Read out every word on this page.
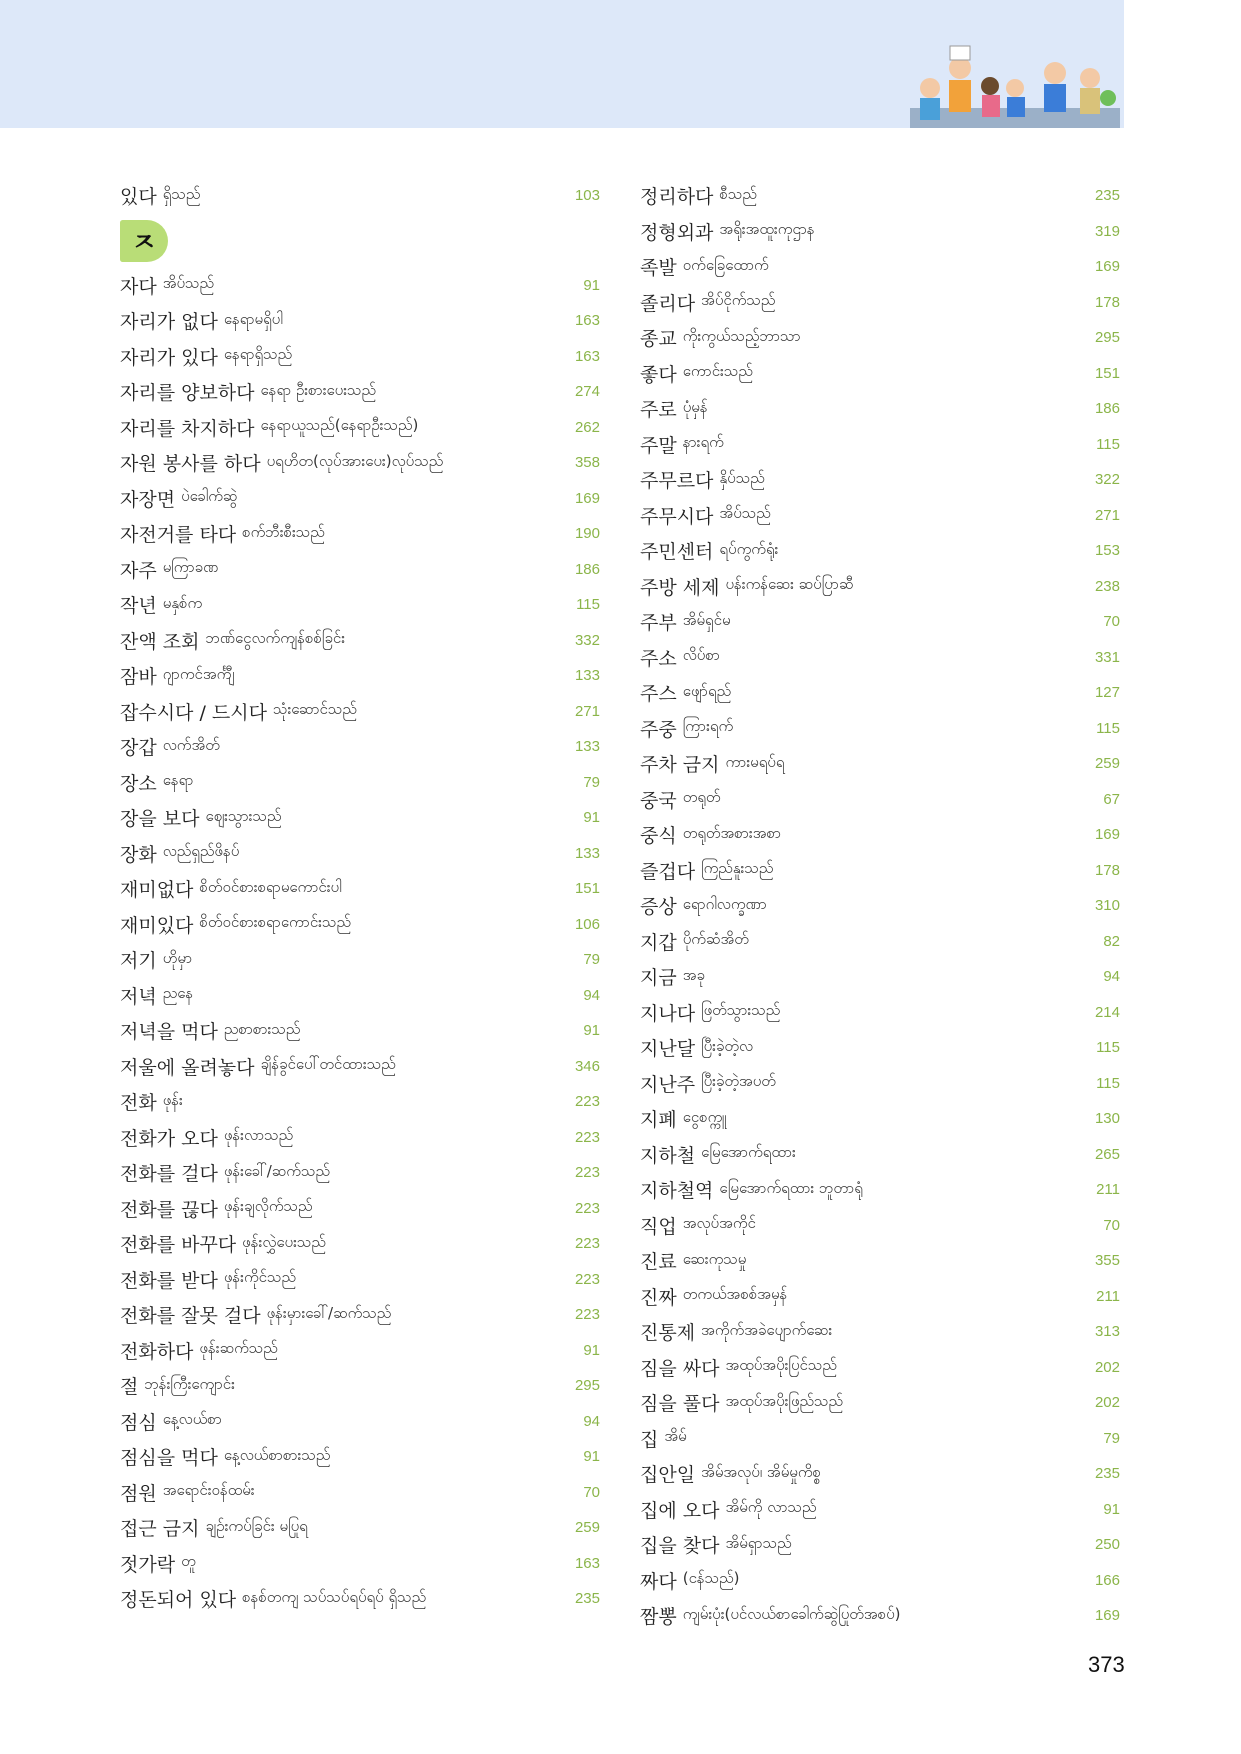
있다 ရှိသည်	103
ㅈ
자다 အိပ်သည်	91
자리가 없다 နေရာမရှိပါ	163
자리가 있다 နေရာရှိသည်	163
자리를 양보하다 နေရာ ဦးစားပေးသည်	274
자리를 차지하다 နေရာယူသည်(နေရာဦးသည်)	262
자원 봉사를 하다 ပရဟိတ(လုပ်အားပေး)လုပ်သည်	358
자장면 ပဲခေါက်ဆွဲ	169
자전거를 타다 စက်ဘီးစီးသည်	190
자주 မကြာခဏ	186
작년 မနှစ်က	115
잔액 조회 ဘဏ်ငွေလက်ကျန်စစ်ခြင်း	332
잠바 ဂျာကင်အင်္ကျီ	133
잡수시다 / 드시다 သုံးဆောင်သည်	271
장갑 လက်အိတ်	133
장소 နေရာ	79
장을 보다 ဈေးသွားသည်	91
장화 လည်ရှည်ဖိနပ်	133
재미없다 စိတ်ဝင်စားစရာမကောင်းပါ	151
재미있다 စိတ်ဝင်စားစရာကောင်းသည်	106
저기 ဟိုမှာ	79
저녁 ညနေ	94
저녁을 먹다 ညစာစားသည်	91
저울에 올려놓다 ချိန်ခွင်ပေါ်တင်ထားသည်	346
전화 ဖုန်း	223
전화가 오다 ဖုန်းလာသည်	223
전화를 걸다 ဖုန်းခေါ်/ဆက်သည်	223
전화를 끊다 ဖုန်းချလိုက်သည်	223
전화를 바꾸다 ဖုန်းလွှဲပေးသည်	223
전화를 받다 ဖုန်းကိုင်သည်	223
전화를 잘못 걸다 ဖုန်းမှားခေါ်/ဆက်သည်	223
전화하다 ဖုန်းဆက်သည်	91
절 ဘုန်းကြီးကျောင်း	295
점심 နေ့လယ်စာ	94
점심을 먹다 နေ့လယ်စာစားသည်	91
점원 အရောင်းဝန်ထမ်း	70
접근 금지 ချဉ်းကပ်ခြင်း မပြုရ	259
젓가락 တူ	163
정돈되어 있다 စနစ်တကျ သပ်သပ်ရပ်ရပ် ရှိသည်	235
정리하다 စီသည်	235
정형외과 အရိုးအထူးကုဌာန	319
족발 ဝက်ခြေထောက်	169
졸리다 အိပ်ငိုက်သည်	178
종교 ကိုးကွယ်သည့်ဘာသာ	295
좋다 ကောင်းသည်	151
주로 ပုံမှန်	186
주말 နားရက်	115
주무르다 နှိပ်သည်	322
주무시다 အိပ်သည်	271
주민센터 ရပ်ကွက်ရုံး	153
주방 세제 ပန်းကန်ဆေး ဆပ်ပြာဆီ	238
주부 အိမ်ရှင်မ	70
주소 လိပ်စာ	331
주스 ဖျော်ရည်	127
주중 ကြားရက်	115
주차 금지 ကားမရပ်ရ	259
중국 တရုတ်	67
중식 တရုတ်အစားအစာ	169
즐겁다 ကြည်နူးသည်	178
증상 ရောဂါလက္ခဏာ	310
지갑 ပိုက်ဆံအိတ်	82
지금 အခု	94
지나다 ဖြတ်သွားသည်	214
지난달 ပြီးခဲ့တဲ့လ	115
지난주 ပြီးခဲ့တဲ့အပတ်	115
지폐 ငွေစက္ကူ	130
지하철 မြေအောက်ရထား	265
지하철역 မြေအောက်ရထား ဘူတာရုံ	211
직업 အလုပ်အကိုင်	70
진료 ဆေးကုသမှု	355
진짜 တကယ်အစစ်အမှန်	211
진통제 အကိုက်အခဲပျောက်ဆေး	313
짐을 싸다 အထုပ်အပိုးပြင်သည်	202
짐을 풀다 အထုပ်အပိုးဖြည်သည်	202
집 အိမ်	79
집안일 အိမ်အလုပ်၊ အိမ်မှုကိစ္စ	235
집에 오다 အိမ်ကို လာသည်	91
집을 찾다 အိမ်ရှာသည်	250
짜다 (ငန်သည်)	166
짬뽕 ကျမ်းပုံး(ပင်လယ်စာခေါက်ဆွဲပြုတ်အစပ်)	169
373
